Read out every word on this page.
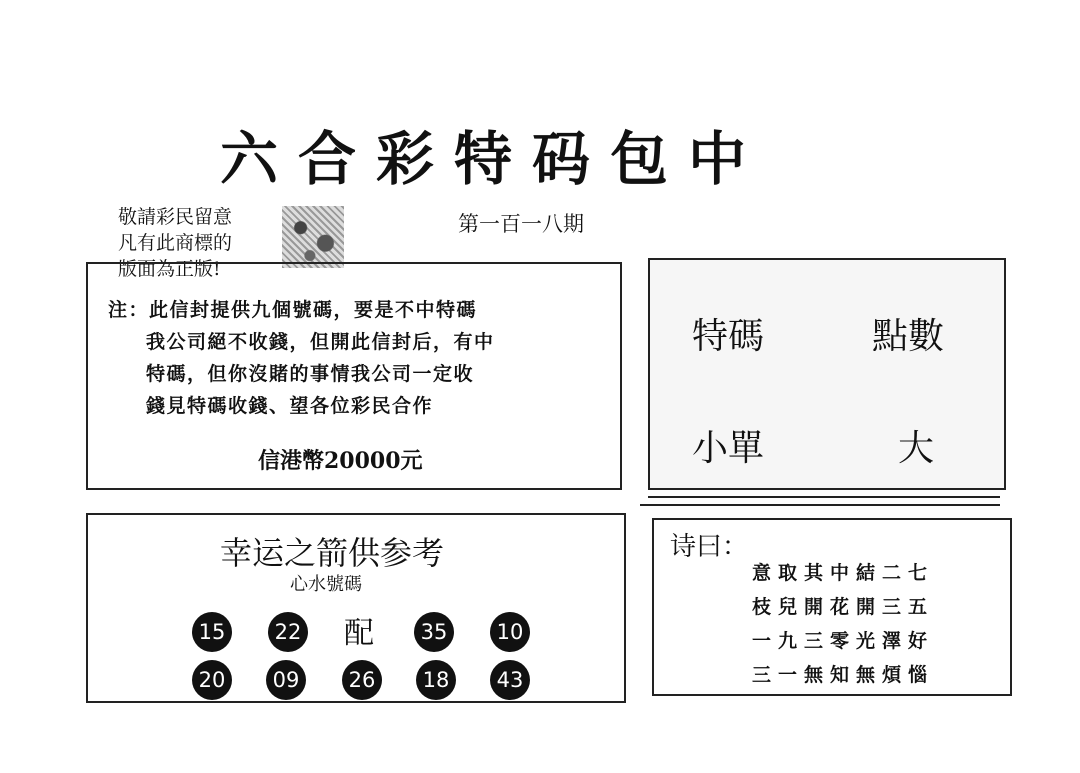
六合彩特码包中
敬請彩民留意
凡有此商標的
版面為正版!
第一百一八期
注：此信封提供九個號碼，要是不中特碼
我公司絕不收錢，但開此信封后，有中
特碼，但你沒賭的事情我公司一定收
錢見特碼收錢、望各位彩民合作
信港幣20000元
特碼	點數
小單	大
幸运之箭供参考
心水號碼
15	22 配	35	10
20	09	26	18	43
诗曰：
意取其中結二七
枝兒開花開三五
一九三零光澤好
三一無知無煩惱
